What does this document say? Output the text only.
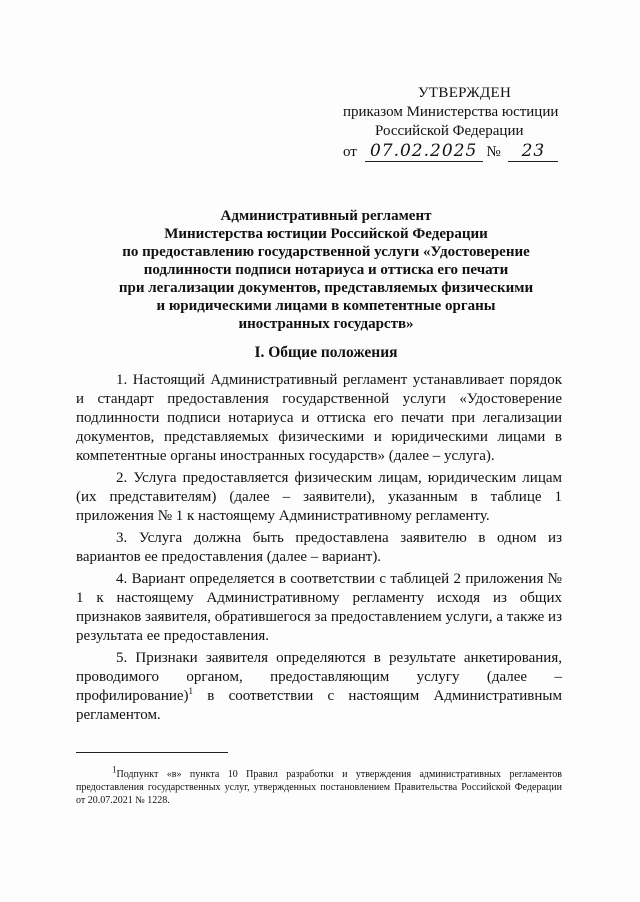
УТВЕРЖДЕН
приказом Министерства юстиции
Российской Федерации
от 07.02.2025 № 23
Административный регламент
Министерства юстиции Российской Федерации
по предоставлению государственной услуги «Удостоверение
подлинности подписи нотариуса и оттиска его печати
при легализации документов, представляемых физическими
и юридическими лицами в компетентные органы
иностранных государств»
I. Общие положения

1. Настоящий Административный регламент устанавливает порядок и стандарт предоставления государственной услуги «Удостоверение подлинности подписи нотариуса и оттиска его печати при легализации документов, представляемых физическими и юридическими лицами в компетентные органы иностранных государств» (далее – услуга).

2. Услуга предоставляется физическим лицам, юридическим лицам (их представителям) (далее – заявители), указанным в таблице 1 приложения № 1 к настоящему Административному регламенту.

3. Услуга должна быть предоставлена заявителю в одном из вариантов ее предоставления (далее – вариант).

4. Вариант определяется в соответствии с таблицей 2 приложения № 1 к настоящему Административному регламенту исходя из общих признаков заявителя, обратившегося за предоставлением услуги, а также из результата ее предоставления.

5. Признаки заявителя определяются в результате анкетирования, проводимого органом, предоставляющим услугу (далее – профилирование)$^1$ в соответствии с настоящим Административным регламентом.

$^1$Подпункт «в» пункта 10 Правил разработки и утверждения административных регламентов предоставления государственных услуг, утвержденных постановлением Правительства Российской Федерации от 20.07.2021 № 1228.
